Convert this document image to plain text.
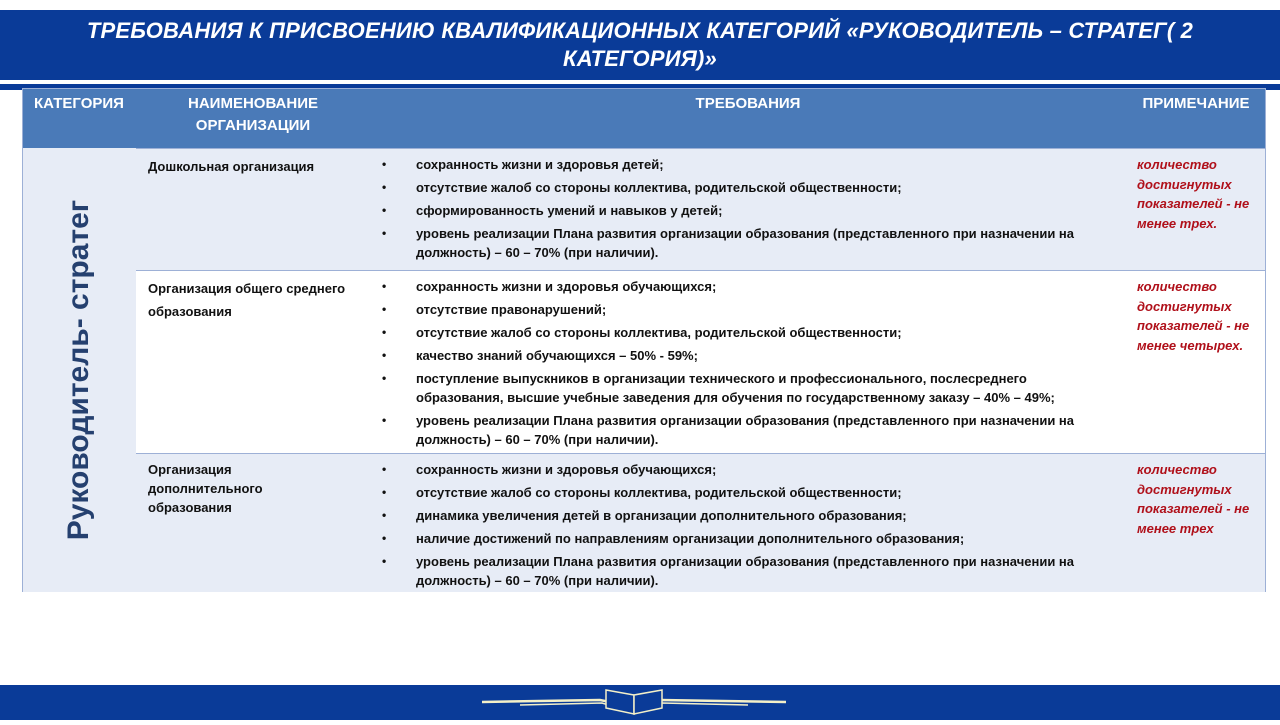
ТРЕБОВАНИЯ К ПРИСВОЕНИЮ КВАЛИФИКАЦИОННЫХ КАТЕГОРИЙ «РУКОВОДИТЕЛЬ – СТРАТЕГ( 2 КАТЕГОРИЯ)»
КАТЕГОРИЯ	НАИМЕНОВАНИЕ ОРГАНИЗАЦИИ
ТРЕБОВАНИЯ	ПРИМЕЧАНИЕ
Руководитель- стратег
Дошкольная организация
•	сохранность жизни и здоровья детей;
• отсутствие жалоб со стороны коллектива, родительской общественности;
• сформированность умений и навыков у детей;
• уровень реализации Плана развития организации образования (представленного при назначении на должность) – 60 – 70% (при наличии).
количество достигнутых показателей - не менее трех.
Организация общего среднего образования
• сохранность жизни и здоровья обучающихся;
• отсутствие правонарушений;
• отсутствие жалоб со стороны коллектива, родительской общественности;
• качество знаний обучающихся – 50% - 59%;
• поступление выпускников в организации технического и профессионального, послесреднего образования, высшие учебные заведения для обучения по государственному заказу – 40% – 49%;
• уровень реализации Плана развития организации образования (представленного при назначении на должность) – 60 – 70% (при наличии).
количество достигнутых показателей - не менее четырех.
Организация дополнительного образования
• сохранность жизни и здоровья обучающихся;
• отсутствие жалоб со стороны коллектива, родительской общественности;
• динамика увеличения детей в организации дополнительного образования;
• наличие достижений по направлениям организации дополнительного образования;
• уровень реализации Плана развития организации образования (представленного при назначении на должность) – 60 – 70% (при наличии).
количество достигнутых показателей - не менее трех
